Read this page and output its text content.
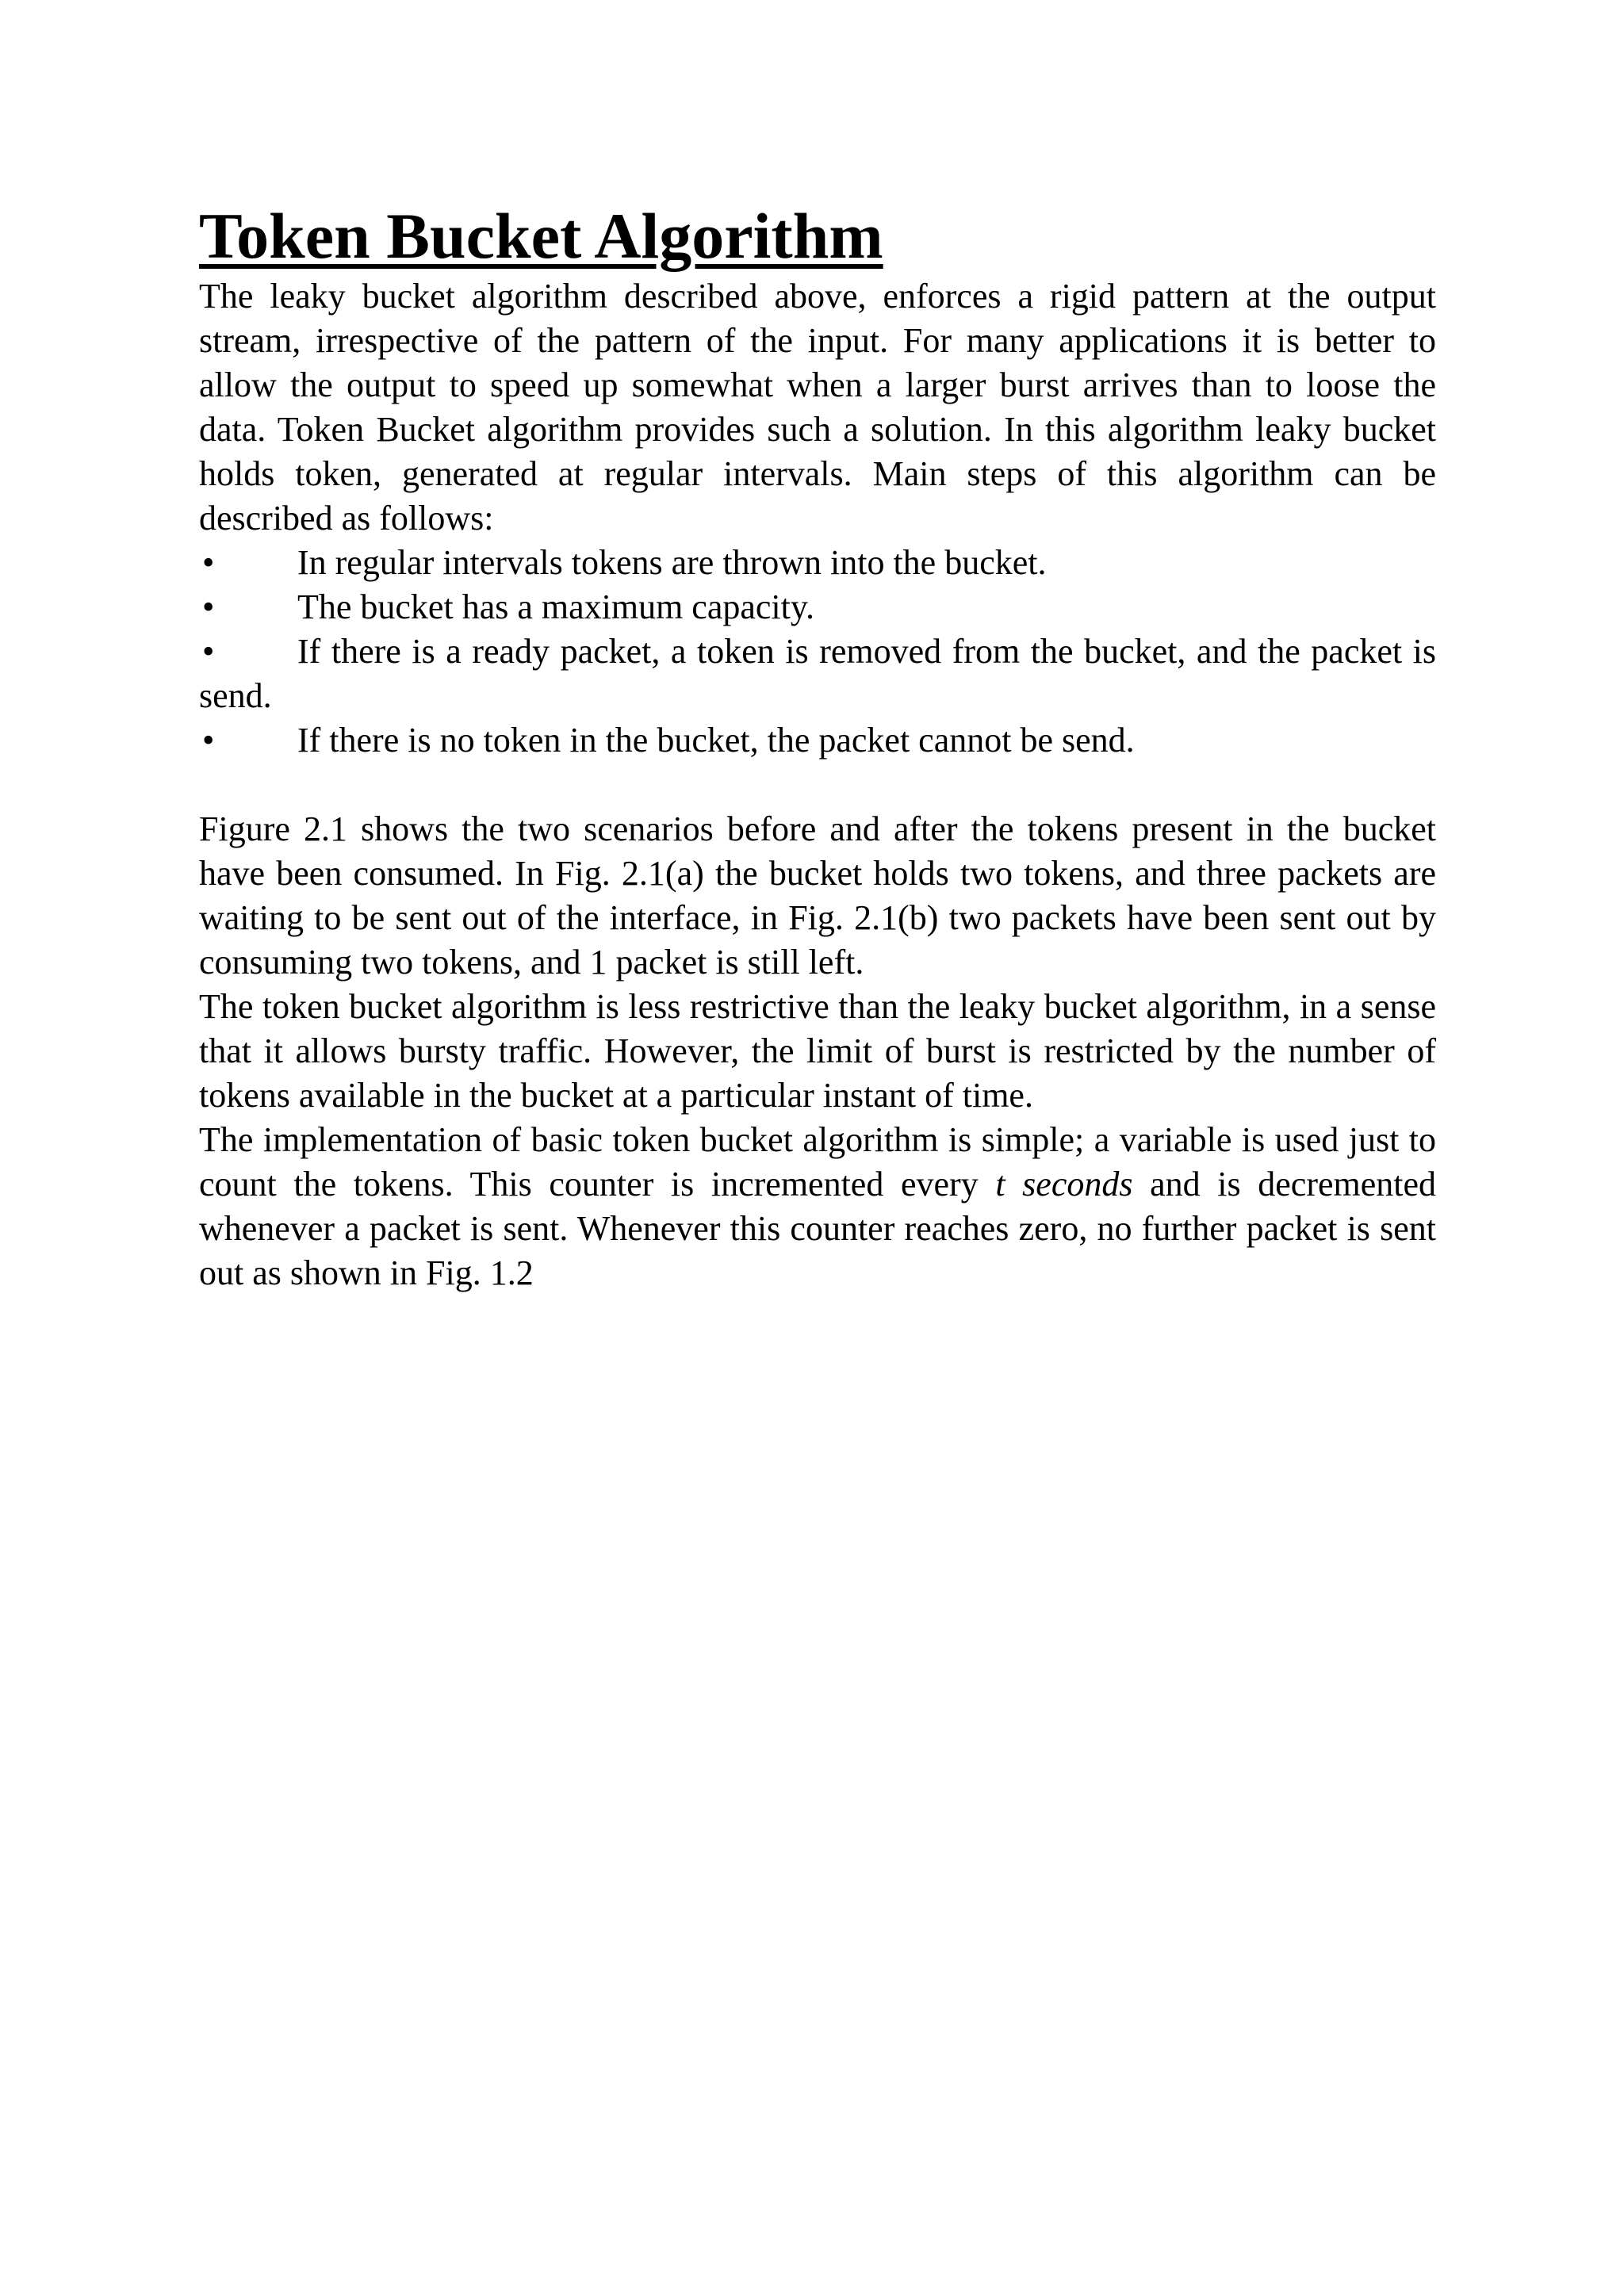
Token Bucket Algorithm

The leaky bucket algorithm described above, enforces a rigid pattern at the output stream, irrespective of the pattern of the input. For many applications it is better to allow the output to speed up somewhat when a larger burst arrives than to loose the data. Token Bucket algorithm provides such a solution. In this algorithm leaky bucket holds token, generated at regular intervals. Main steps of this algorithm can be described as follows:

•	In regular intervals tokens are thrown into the bucket.
•	The bucket has a maximum capacity.
•	If there is a ready packet, a token is removed from the bucket, and the packet is send.
•	If there is no token in the bucket, the packet cannot be send.

Figure 2.1 shows the two scenarios before and after the tokens present in the bucket have been consumed. In Fig. 2.1(a) the bucket holds two tokens, and three packets are waiting to be sent out of the interface, in Fig. 2.1(b) two packets have been sent out by consuming two tokens, and 1 packet is still left.

The token bucket algorithm is less restrictive than the leaky bucket algorithm, in a sense that it allows bursty traffic. However, the limit of burst is restricted by the number of tokens available in the bucket at a particular instant of time.

The implementation of basic token bucket algorithm is simple; a variable is used just to count the tokens. This counter is incremented every t seconds and is decremented whenever a packet is sent. Whenever this counter reaches zero, no further packet is sent out as shown in Fig. 1.2
